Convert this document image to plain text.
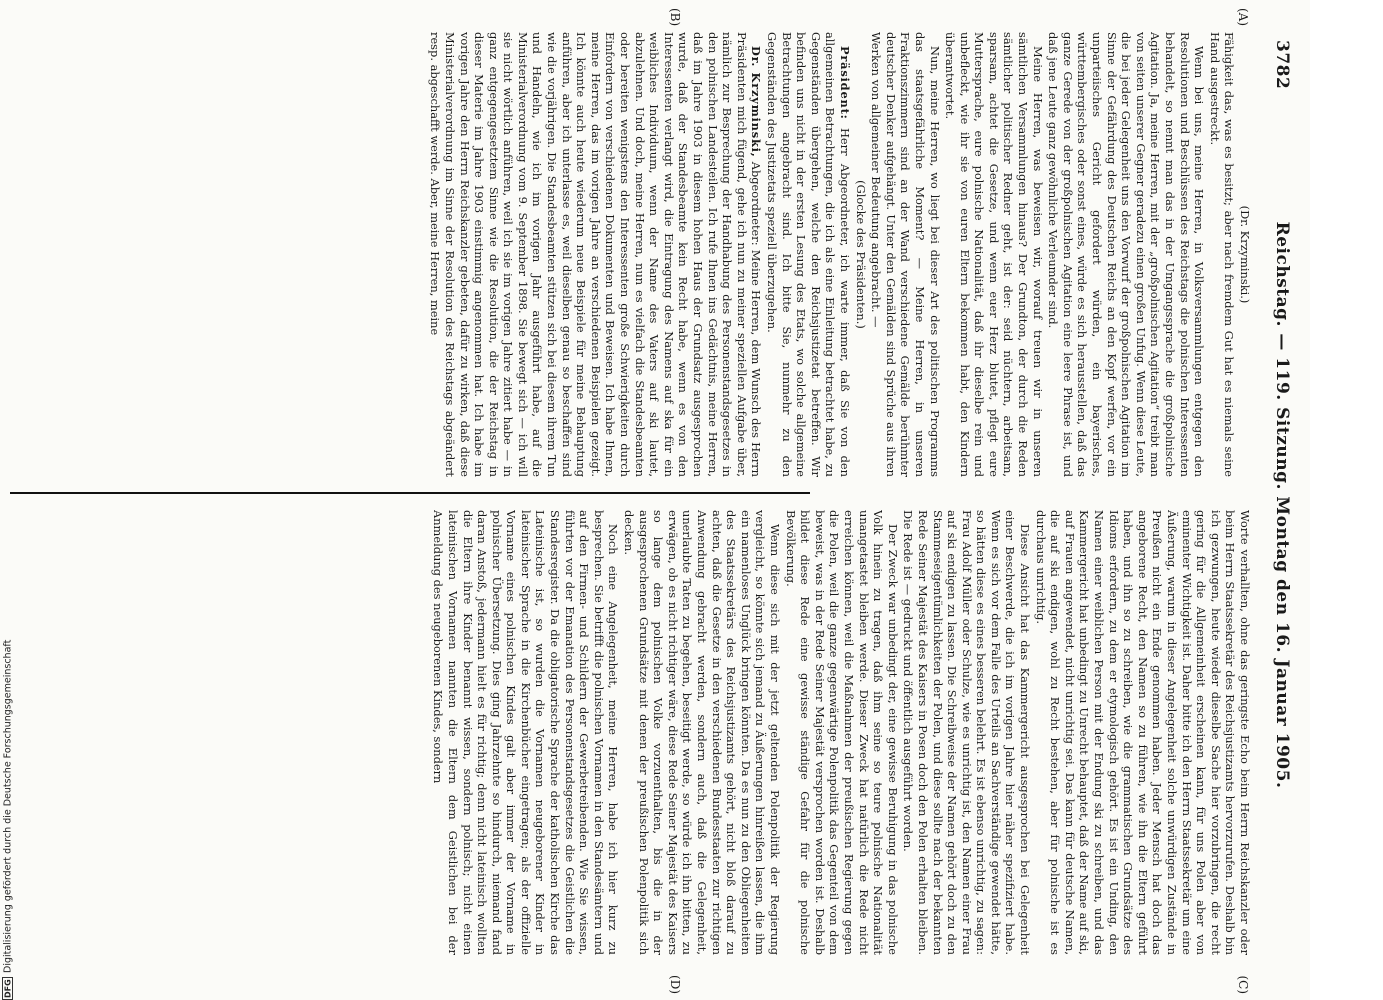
3782
Reichstag. — 119. Sitzung. Montag den 16. Januar 1905.
(A)
(B)
(C)
(D)

(Dr. Krzyminski.)

Fähigkeit das, was es besitzt; aber nach fremdem Gut hat es niemals seine Hand ausgestreckt.

Wenn bei uns, meine Herren, in Volksversammlungen entgegen den Resolutionen und Beschlüssen des Reichstags die polnischen Interessenten behandelt, so nennt man das in der Umgangssprache die großpolnische Agitation. Ja, meine Herren, mit der „großpolnischen Agitation“ treibt man von seiten unserer Gegner geradezu einen großen Unfug. Wenn diese Leute, die bei jeder Gelegenheit uns den Vorwurf der großpolnischen Agitation im Sinne der Gefährdung des Deutschen Reichs an den Kopf werfen, vor ein unparteiisches Gericht gefordert würden, ein bayerisches, württembergisches oder sonst eines, würde es sich herausstellen, daß das ganze Gerede von der großpolnischen Agitation eine leere Phrase ist, und daß jene Leute ganz gewöhnliche Verleumder sind.

Meine Herren, was beweisen wir, worauf treuen wir in unseren sämtlichen Versammlungen hinaus? Der Grundton, der durch die Reden sämtlicher politischer Redner geht, ist der: seid nüchtern, arbeitsam, sparsam, achtet die Gesetze, und wenn euer Herz blutet, pflegt eure Muttersprache, eure polnische Nationalität, daß ihr dieselbe rein und unbefleckt, wie ihr sie von euren Eltern bekommen habt, den Kindern überantwortet.

Nun, meine Herren, wo liegt bei dieser Art des politischen Programms das staatsgefährliche Moment? — Meine Herren, in unseren Fraktionszimmern sind an der Wand verschiedene Gemälde berühmter deutscher Denker aufgehängt. Unter den Gemälden sind Sprüche aus ihren Werken von allgemeiner Bedeutung angebracht. —

(Glocke des Präsidenten.)

Präsident: Herr Abgeordneter, ich warte immer, daß Sie von den allgemeinen Betrachtungen, die ich als eine Einleitung betrachtet habe, zu Gegenständen übergehen, welche den Reichsjustizetat betreffen. Wir befinden uns nicht in der ersten Lesung des Etats, wo solche allgemeine Betrachtungen angebracht sind. Ich bitte Sie, nunmehr zu den Gegenständen des Justizetats speziell überzugehen.

Dr. Krzyminski, Abgeordneter: Meine Herren, dem Wunsch des Herrn Präsidenten mich fügend, gehe ich nun zu meiner speziellen Aufgabe über, nämlich zur Besprechung der Handhabung des Personenstandsgesetzes in den polnischen Landesteilen. Ich rufe Ihnen ins Gedächtnis, meine Herren, daß im Jahre 1903 in diesem hohen Haus der Grundsatz ausgesprochen wurde, daß der Standesbeamte kein Recht habe, wenn es von den Interessenten verlangt wird, die Eintragung des Namens auf ska für ein weibliches Individuum, wenn der Name des Vaters auf ski lautet, abzulehnen. Und doch, meine Herren, nun es vielfach die Standesbeamten oder bereiten wenigstens den Interessenten große Schwierigkeiten durch Einfordern von verschiedenen Dokumenten und Beweisen. Ich habe Ihnen, meine Herren, das im vorigen Jahre an verschiedenen Beispielen gezeigt. Ich könnte auch heute wiederum neue Beispiele für meine Behauptung anführen, aber ich unterlasse es, weil dieselben genau so beschaffen sind wie die vorjährigen. Die Standesbeamten stützen sich bei diesem ihrem Tun und Handeln, wie ich im vorigen Jahr ausgeführt habe, auf die Ministerialverordnung vom 9. September 1898. Sie bewegt sich — ich will sie nicht wörtlich anführen, weil ich sie im vorigen Jahre zitiert habe — in ganz entgegengesetztem Sinne wie die Resolution, die der Reichstag in dieser Materie im Jahre 1903 einstimmig angenommen hat. Ich habe im vorigen Jahre den Herrn Reichskanzler gebeten, dafür zu wirken, daß diese Ministerialverordnung im Sinne der Resolution des Reichstags abgeändert resp. abgeschafft werde. Aber, meine Herren, meine

Worte verhallten, ohne das geringste Echo beim Herrn Reichskanzler oder beim Herrn Staatssekretär des Reichsjustizamts hervorzurufen. Deshalb bin ich gezwungen, heute wieder dieselbe Sache hier vorzubringen, die recht gering für die Allgemeinheit erscheinen kann, für uns Polen aber von eminenter Wichtigkeit ist. Daher bitte ich den Herrn Staatssekretär um eine Äußerung, warum in dieser Angelegenheit solche unwürdigen Zustände in Preußen nicht ein Ende genommen haben. Jeder Mensch hat doch das angeborene Recht, den Namen so zu führen, wie ihn die Eltern geführt haben, und ihn so zu schreiben, wie die grammatischen Grundsätze des Idioms erfordern, zu dem er etymologisch gehört. Es ist ein Unding, den Namen einer weiblichen Person mit der Endung ski zu schreiben, und das Kammergericht hat unbedingt zu Unrecht behauptet, daß der Name auf ski, auf Frauen angewendet, nicht unrichtig sei. Das kann für deutsche Namen, die auf ski endigen, wohl zu Recht bestehen, aber für polnische ist es durchaus unrichtig.

Diese Ansicht hat das Kammergericht ausgesprochen bei Gelegenheit einer Beschwerde, die ich im vorigen Jahre hier näher spezifiziert habe. Wenn es sich vor dem Falle des Urteils an Sachverständige gewendet hätte, so hätten diese es eines besseren belehrt. Es ist ebenso unrichtig, zu sagen: Frau Adolf Müller oder Schulze, wie es unrichtig ist, den Namen einer Frau auf ski endigen zu lassen. Die Schreibweise der Namen gehört doch zu den Stammeseigentümlichkeiten der Polen, und diese sollte nach der bekannten Rede Seiner Majestät des Kaisers in Posen doch den Polen erhalten bleiben. Die Rede ist — gedruckt und öffentlich ausgeführt worden.

Der Zweck war unbedingt der, eine gewisse Beruhigung in das polnische Volk hinein zu tragen, daß ihm seine so teure polnische Nationalität unangetastet bleiben werde. Dieser Zweck hat natürlich die Rede nicht erreichen können, weil die Maßnahmen der preußischen Regierung gegen die Polen, weil die ganze gegenwärtige Polenpolitik das Gegenteil von dem beweist, was in der Rede Seiner Majestät versprochen worden ist. Deshalb bildet diese Rede eine gewisse ständige Gefahr für die polnische Bevölkerung.

Wenn diese sich mit der jetzt geltenden Polenpolitik der Regierung vergleicht, so könnte sich jemand zu Äußerungen hinreißen lassen, die ihm ein namenloses Unglück bringen könnten. Da es nun zu den Obliegenheiten des Staatssekretärs des Reichsjustizamts gehört, nicht bloß darauf zu achten, daß die Gesetze in den verschiedenen Bundesstaaten zur richtigen Anwendung gebracht werden, sondern auch, daß die Gelegenheit, unerlaubte Taten zu begehen, beseitigt werde, so würde ich ihn bitten, zu erwägen, ob es nicht richtiger wäre, diese Rede Seiner Majestät des Kaisers so lange dem polnischen Volke vorzuenthalten, bis die in der ausgesprochenen Grundsätze mit denen der preußischen Polenpolitik sich decken.

Noch eine Angelegenheit, meine Herren, habe ich hier kurz zu besprechen. Sie betrifft die polnischen Vornamen in den Standesämtern und auf den Firmen- und Schildern der Gewerbetreibenden. Wie Sie wissen, führten vor der Emanation des Personenstandsgesetzes die Geistlichen die Standesregister. Da die obligatorische Sprache der katholischen Kirche das Lateinische ist, so wurden die Vornamen neugeborener Kinder in lateinischer Sprache in die Kirchenbücher eingetragen; als der offizielle Vorname eines polnischen Kindes galt aber immer der Vorname in polnischer Übersetzung. Dies ging Jahrzehnte so hindurch, niemand fand daran Anstoß, jedermann hielt es für richtig; denn nicht lateinisch wollten die Eltern ihre Kinder benannt wissen, sondern polnisch; nicht einen lateinischen Vornamen nannten die Eltern dem Geistlichen bei der Anmeldung des neugeborenen Kindes, sondern

DFG
Digitalisierung gefördert durch die Deutsche Forschungsgemeinschaft
